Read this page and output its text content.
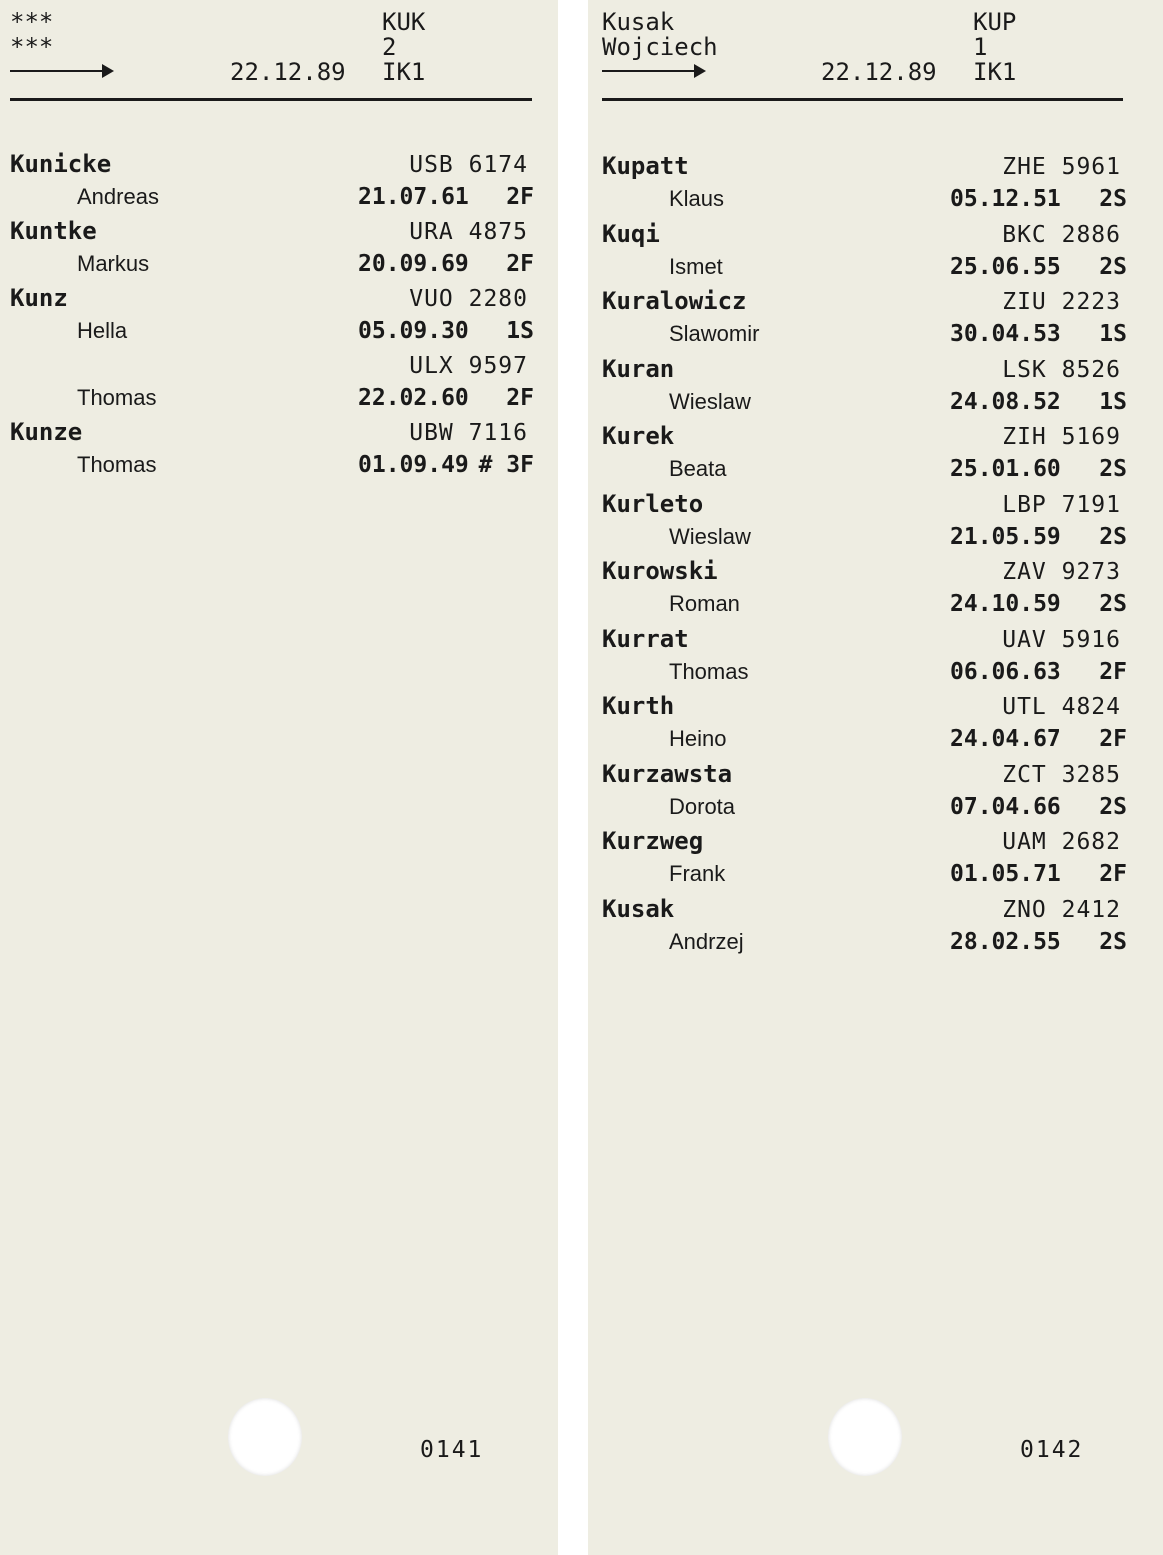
***
***
KUK
2
22.12.89 IK1
Kunicke	USB 6174
Andreas	21.07.61 2F
Kuntke	URA 4875
Markus	20.09.69 2F
Kunz	VUO 2280
Hella	05.09.30 1S
ULX 9597
Thomas	22.02.60 2F
Kunze	UBW 7116
Thomas	01.09.49 # 3F
0141
Kusak
Wojciech
KUP
1
22.12.89 IK1
Kupatt	ZHE 5961
Klaus	05.12.51 2S
Kuqi	BKC 2886
Ismet	25.06.55 2S
Kuralowicz	ZIU 2223
Slawomir	30.04.53 1S
Kuran	LSK 8526
Wieslaw	24.08.52 1S
Kurek	ZIH 5169
Beata	25.01.60 2S
Kurleto	LBP 7191
Wieslaw	21.05.59 2S
Kurowski	ZAV 9273
Roman	24.10.59 2S
Kurrat	UAV 5916
Thomas	06.06.63 2F
Kurth	UTL 4824
Heino	24.04.67 2F
Kurzawsta	ZCT 3285
Dorota	07.04.66 2S
Kurzweg	UAM 2682
Frank	01.05.71 2F
Kusak	ZNO 2412
Andrzej	28.02.55 2S
0142
